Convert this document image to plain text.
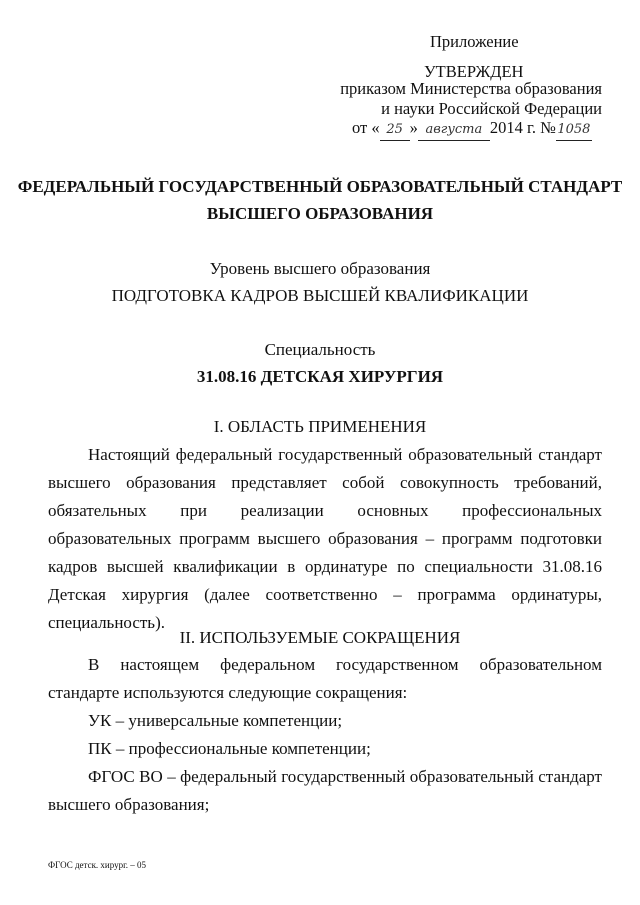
Приложение
УТВЕРЖДЕН
приказом Министерства образования
и науки Российской Федерации
от « 25 » августа 2014 г. №1058
ФЕДЕРАЛЬНЫЙ ГОСУДАРСТВЕННЫЙ ОБРАЗОВАТЕЛЬНЫЙ СТАНДАРТ
ВЫСШЕГО ОБРАЗОВАНИЯ
Уровень высшего образования
ПОДГОТОВКА КАДРОВ ВЫСШЕЙ КВАЛИФИКАЦИИ
Специальность
31.08.16 ДЕТСКАЯ ХИРУРГИЯ
I. ОБЛАСТЬ ПРИМЕНЕНИЯ
Настоящий федеральный государственный образовательный стандарт высшего образования представляет собой совокупность требований, обязательных при реализации основных профессиональных образовательных программ высшего образования – программ подготовки кадров высшей квалификации в ординатуре по специальности 31.08.16 Детская хирургия (далее соответственно – программа ординатуры, специальность).
II. ИСПОЛЬЗУЕМЫЕ СОКРАЩЕНИЯ
В настоящем федеральном государственном образовательном стандарте используются следующие сокращения:
УК – универсальные компетенции;
ПК – профессиональные компетенции;
ФГОС ВО – федеральный государственный образовательный стандарт высшего образования;
ФГОС детск. хирург. – 05
